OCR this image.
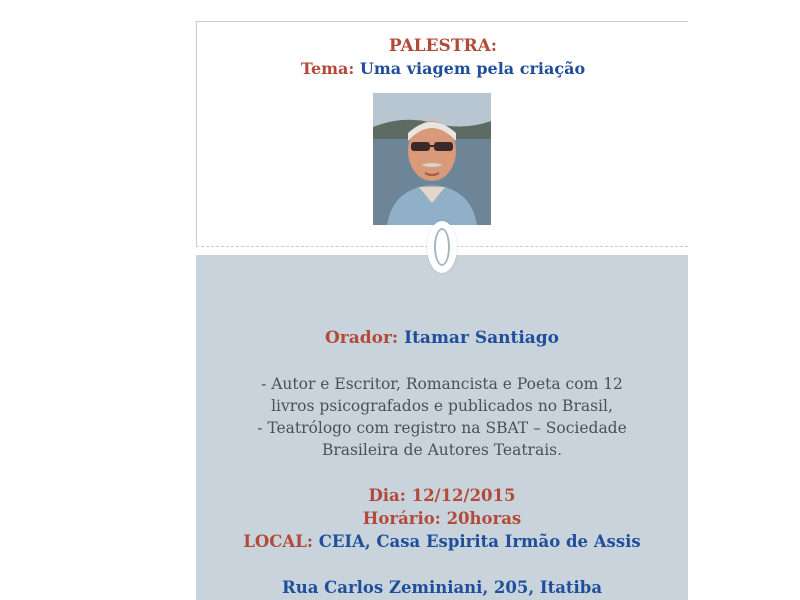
PALESTRA:
Tema: Uma viagem pela criação
Orador: Itamar Santiago
- Autor e Escritor, Romancista e Poeta com 12
livros psicografados e publicados no Brasil,
- Teatrólogo com registro na SBAT – Sociedade
Brasileira de Autores Teatrais.
Dia: 12/12/2015
Horário: 20horas
LOCAL: CEIA, Casa Espirita Irmão de Assis
Rua Carlos Zeminiani, 205, Itatiba
